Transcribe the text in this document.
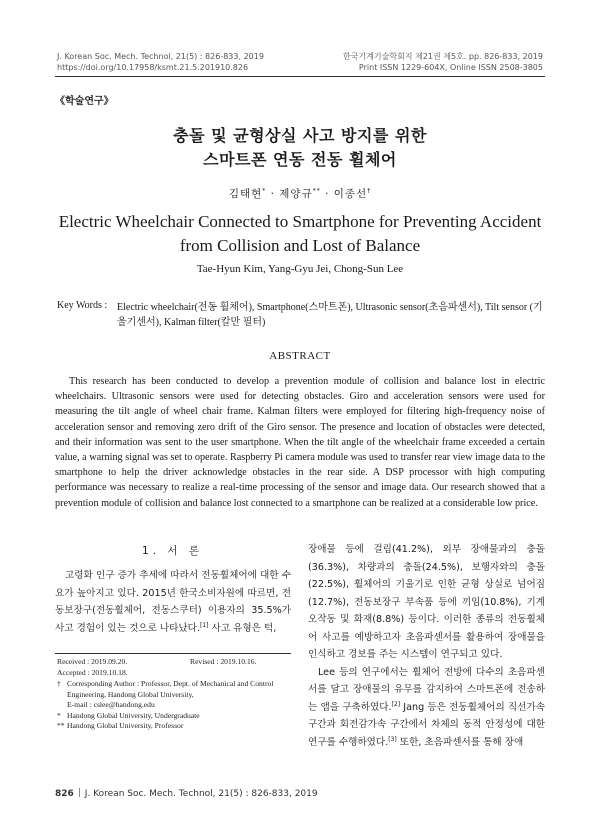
J. Korean Soc. Mech. Technol, 21(5) : 826-833, 2019
https://doi.org/10.17958/ksmt.21.5.201910.826
한국기계기술학회지 제21권 제5호. pp. 826-833, 2019
Print ISSN 1229-604X, Online ISSN 2508-3805
《학술연구》
충돌 및 균형상실 사고 방지를 위한
스마트폰 연동 전동 휠체어
김태현* · 제양규** · 이종선†
Electric Wheelchair Connected to Smartphone for Preventing Accident
from Collision and Lost of Balance
Tae-Hyun Kim, Yang-Gyu Jei, Chong-Sun Lee
Key Words : Electric wheelchair(전동 휠체어), Smartphone(스마트폰), Ultrasonic sensor(초음파센서), Tilt sensor (기울기센서), Kalman filter(칼만 필터)
ABSTRACT
This research has been conducted to develop a prevention module of collision and balance lost in electric wheelchairs. Ultrasonic sensors were used for detecting obstacles. Giro and acceleration sensors were used for measuring the tilt angle of wheel chair frame. Kalman filters were employed for filtering high-frequency noise of acceleration sensor and removing zero drift of the Giro sensor. The presence and location of obstacles were detected, and their information was sent to the user smartphone. When the tilt angle of the wheelchair frame exceeded a certain value, a warning signal was set to operate. Raspberry Pi camera module was used to transfer rear view image data to the smartphone to help the driver acknowledge obstacles in the rear side. A DSP processor with high computing performance was necessary to realize a real-time processing of the sensor and image data. Our research showed that a prevention module of collision and balance lost connected to a smartphone can be realized at a considerable low price.
1. 서 론

고령화 인구 증가 추세에 따라서 전동휠체어에 대한 수요가 높아지고 있다. 2015년 한국소비자원에 따르면, 전동보장구(전동휠체어, 전동스쿠터) 이용자의 35.5%가 사고 경험이 있는 것으로 나타났다.[1] 사고 유형은 턱,

Received : 2019.09.20.	Revised : 2019.10.16.
Accepted : 2019.10.18.
† Corresponding Author : Professor, Dept. of Mechanical and Control Engineering, Handong Global University,
E-mail : cslee@handong.edu
* Handong Global University, Undergraduate
** Handong Global University, Professor

장애물 등에 걸림(41.2%), 외부 장애물과의 충돌(36.3%), 차량과의 충돌(24.5%), 보행자와의 충돌(22.5%), 휠체어의 기울기로 인한 균형 상실로 넘어짐(12.7%), 전동보장구 부속품 등에 끼임(10.8%), 기계 오작동 및 화재(8.8%) 등이다. 이러한 종류의 전동휠체어 사고를 예방하고자 초음파센서를 활용하여 장애물을 인식하고 경보를 주는 시스템이 연구되고 있다.

Lee 등의 연구에서는 휠체어 전방에 다수의 초음파센서를 달고 장애물의 유무를 감지하여 스마트폰에 전송하는 앱을 구축하였다.[2] Jang 등은 전동휠체어의 직선가속구간과 회전감가속 구간에서 차체의 동적 안정성에 대한 연구를 수행하였다.[3] 또한, 초음파센서를 통해 장애

826 J. Korean Soc. Mech. Technol, 21(5) : 826-833, 2019
